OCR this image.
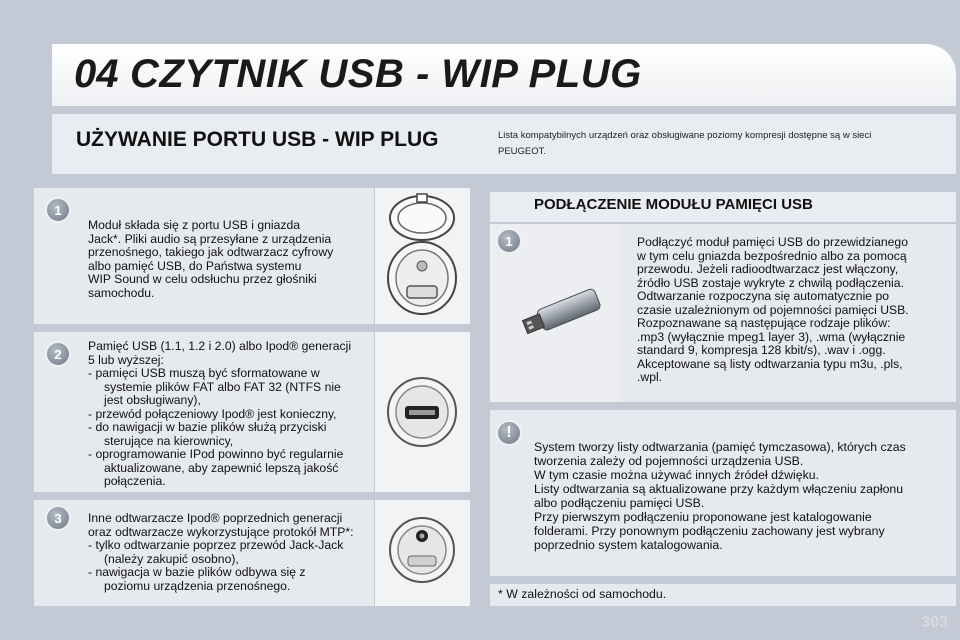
04 CZYTNIK USB - WIP PLUG
UŻYWANIE PORTU USB - WIP PLUG	Lista kompatybilnych urządzeń oraz obsługiwane poziomy kompresji dostępne są w sieci
PEUGEOT.
1
Moduł składa się z portu USB i gniazda
Jack*. Pliki audio są przesyłane z urządzenia
przenośnego, takiego jak odtwarzacz cyfrowy
albo pamięć USB, do Państwa systemu
WIP Sound w celu odsłuchu przez głośniki
samochodu.
2
Pamięć USB (1.1, 1.2 i 2.0) albo Ipod® generacji
5 lub wyższej:
- pamięci USB muszą być sformatowane w
systemie plików FAT albo FAT 32 (NTFS nie
jest obsługiwany),
- przewód połączeniowy Ipod® jest konieczny,
- do nawigacji w bazie plików służą przyciski
sterujące na kierownicy,
- oprogramowanie IPod powinno być regularnie
aktualizowane, aby zapewnić lepszą jakość
połączenia.
3	Inne odtwarzacze Ipod® poprzednich generacji
oraz odtwarzacze wykorzystujące protokół MTP*:
- tylko odtwarzanie poprzez przewód Jack-Jack
(należy zakupić osobno),
- nawigacja w bazie plików odbywa się z
poziomu urządzenia przenośnego.
PODŁĄCZENIE MODUŁU PAMIĘCI USB
1	Podłączyć moduł pamięci USB do przewidzianego
w tym celu gniazda bezpośrednio albo za pomocą
przewodu. Jeżeli radioodtwarzacz jest włączony,
źródło USB zostaje wykryte z chwilą podłączenia.
Odtwarzanie rozpoczyna się automatycznie po
czasie uzależnionym od pojemności pamięci USB.
Rozpoznawane są następujące rodzaje plików:
.mp3 (wyłącznie mpeg1 layer 3), .wma (wyłącznie
standard 9, kompresja 128 kbit/s), .wav i .ogg.
Akceptowane są listy odtwarzania typu m3u, .pls,
.wpl.
!
System tworzy listy odtwarzania (pamięć tymczasowa), których czas
tworzenia zależy od pojemności urządzenia USB.
W tym czasie można używać innych źródeł dźwięku.
Listy odtwarzania są aktualizowane przy każdym włączeniu zapłonu
albo podłączeniu pamięci USB.
Przy pierwszym podłączeniu proponowane jest katalogowanie
folderami. Przy ponownym podłączeniu zachowany jest wybrany
poprzednio system katalogowania.
* W zależności od samochodu.
303
